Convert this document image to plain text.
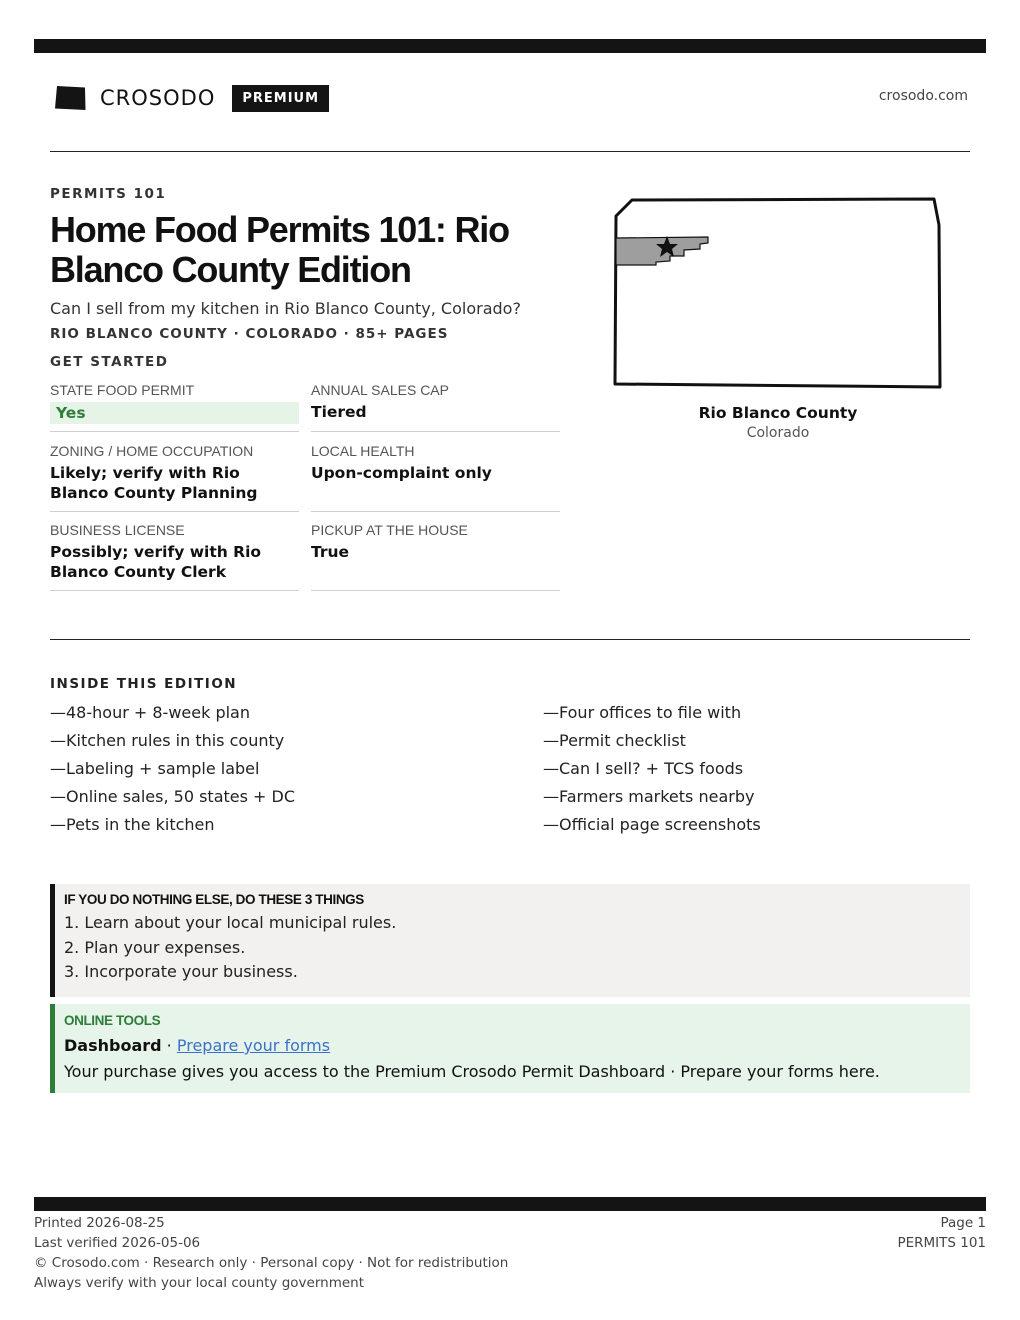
CROSODO	PREMIUM	crosodo.com
PERMITS 101
Home Food Permits 101: Rio Blanco County Edition
Can I sell from my kitchen in Rio Blanco County, Colorado?
RIO BLANCO COUNTY · COLORADO · 85+ PAGES
GET STARTED
STATE FOOD PERMIT
Yes
ANNUAL SALES CAP
Tiered
ZONING / HOME OCCUPATION
Likely; verify with Rio Blanco County Planning
LOCAL HEALTH
Upon-complaint only
BUSINESS LICENSE
Possibly; verify with Rio Blanco County Clerk
PICKUP AT THE HOUSE
True
Rio Blanco County
Colorado
INSIDE THIS EDITION
—48-hour + 8-week plan
—Kitchen rules in this county
—Labeling + sample label
—Online sales, 50 states + DC
—Pets in the kitchen
—Four offices to file with
—Permit checklist
—Can I sell? + TCS foods
—Farmers markets nearby
—Official page screenshots
IF YOU DO NOTHING ELSE, DO THESE 3 THINGS
1. Learn about your local municipal rules.
2. Plan your expenses.
3. Incorporate your business.
ONLINE TOOLS
Dashboard · Prepare your forms
Your purchase gives you access to the Premium Crosodo Permit Dashboard · Prepare your forms here.
Printed 2026-08-25
Last verified 2026-05-06
© Crosodo.com · Research only · Personal copy · Not for redistribution
Always verify with your local county government
Page 1
PERMITS 101
